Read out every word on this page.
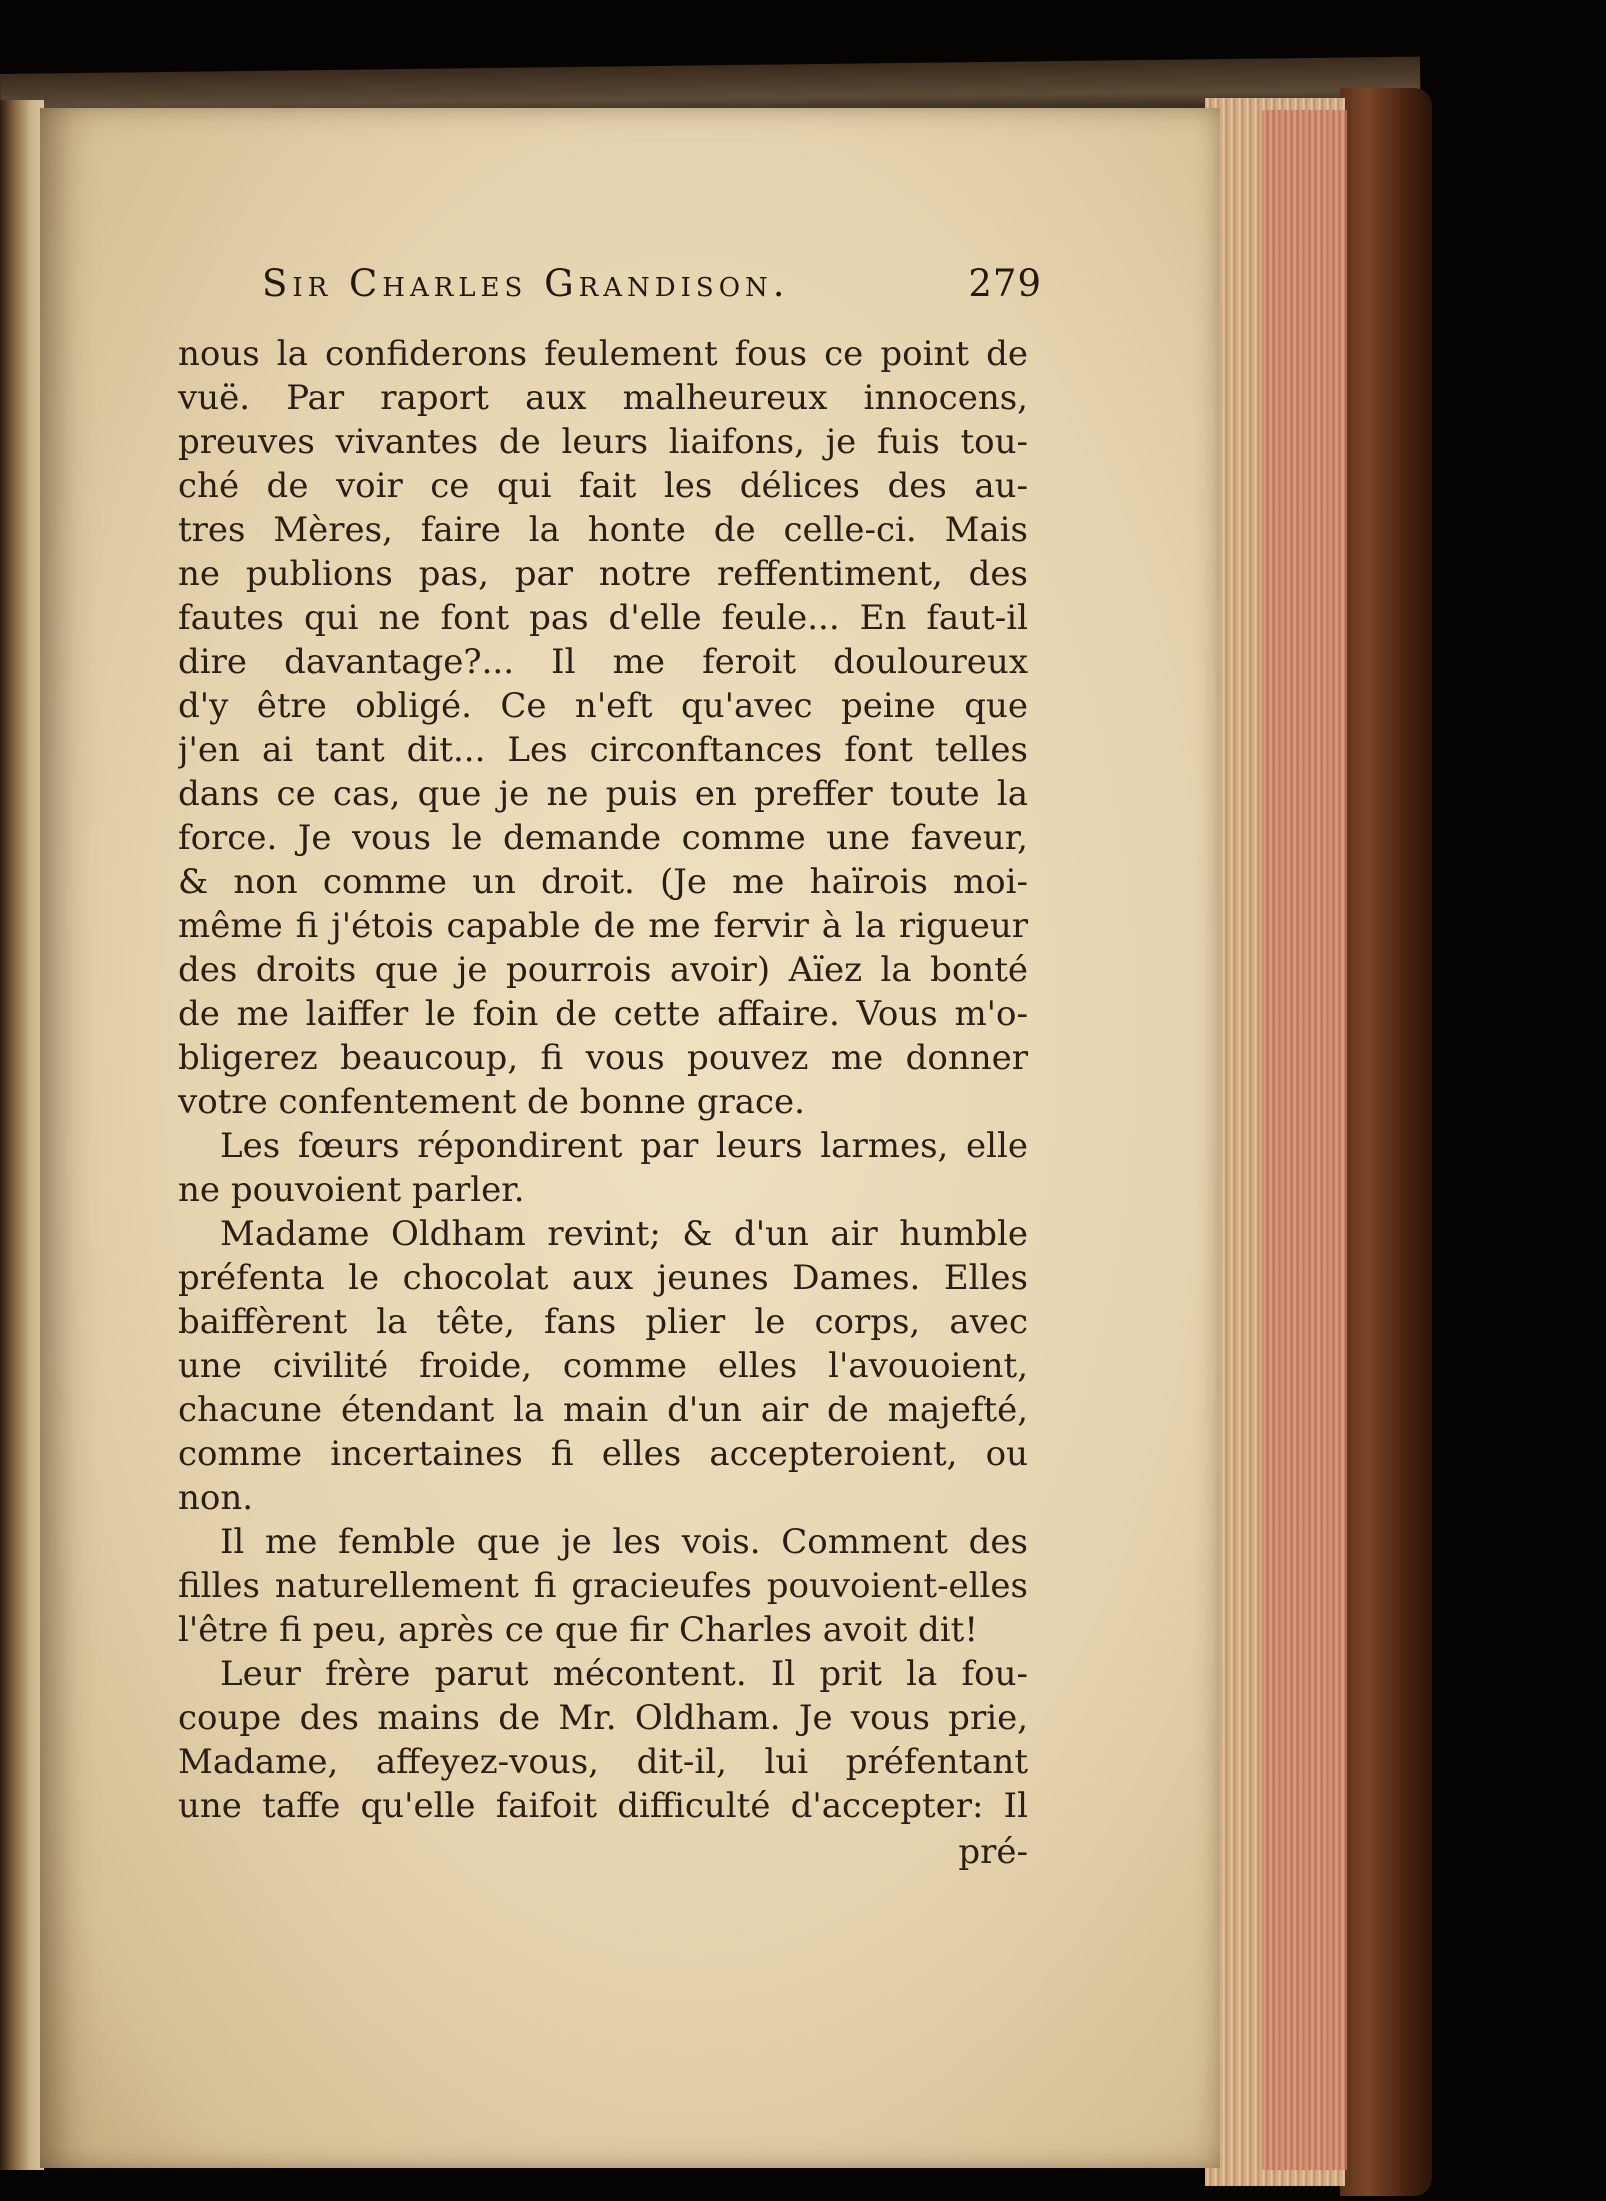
Sir Charles Grandison.	279
nous la confiderons feulement fous ce point de
vuë. Par raport aux malheureux innocens,
preuves vivantes de leurs liaifons, je fuis tou-
ché de voir ce qui fait les délices des au-
tres Mères, faire la honte de celle-ci. Mais
ne publions pas, par notre reffentiment, des
fautes qui ne font pas d'elle feule... En faut-il
dire davantage?... Il me feroit douloureux
d'y être obligé. Ce n'eft qu'avec peine que
j'en ai tant dit... Les circonftances font telles
dans ce cas, que je ne puis en preffer toute la
force. Je vous le demande comme une faveur,
& non comme un droit. (Je me haïrois moi-
même fi j'étois capable de me fervir à la rigueur
des droits que je pourrois avoir) Aïez la bonté
de me laiffer le foin de cette affaire. Vous m'o-
bligerez beaucoup, fi vous pouvez me donner
votre confentement de bonne grace.
Les fœurs répondirent par leurs larmes, elle
ne pouvoient parler.
Madame Oldham revint; & d'un air humble
préfenta le chocolat aux jeunes Dames. Elles
baiffèrent la tête, fans plier le corps, avec
une civilité froide, comme elles l'avouoient,
chacune étendant la main d'un air de majefté,
comme incertaines fi elles accepteroient, ou
non.
Il me femble que je les vois. Comment des
filles naturellement fi gracieufes pouvoient-elles
l'être fi peu, après ce que fir Charles avoit dit!
Leur frère parut mécontent. Il prit la fou-
coupe des mains de Mr. Oldham. Je vous prie,
Madame, affeyez-vous, dit-il, lui préfentant
une taffe qu'elle faifoit difficulté d'accepter: Il
pré-
